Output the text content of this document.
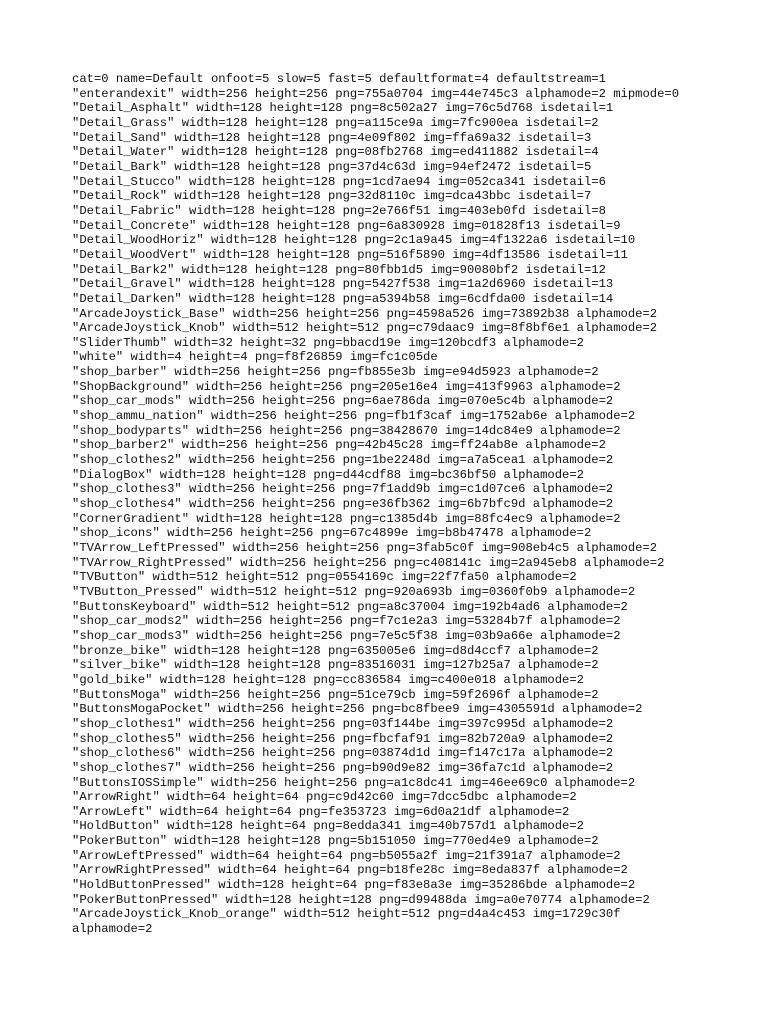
cat=0 name=Default onfoot=5 slow=5 fast=5 defaultformat=4 defaultstream=1
"enterandexit" width=256 height=256 png=755a0704 img=44e745c3 alphamode=2 mipmode=0
"Detail_Asphalt" width=128 height=128 png=8c502a27 img=76c5d768 isdetail=1
"Detail_Grass" width=128 height=128 png=a115ce9a img=7fc900ea isdetail=2
"Detail_Sand" width=128 height=128 png=4e09f802 img=ffa69a32 isdetail=3
"Detail_Water" width=128 height=128 png=08fb2768 img=ed411882 isdetail=4
"Detail_Bark" width=128 height=128 png=37d4c63d img=94ef2472 isdetail=5
"Detail_Stucco" width=128 height=128 png=1cd7ae94 img=052ca341 isdetail=6
"Detail_Rock" width=128 height=128 png=32d8110c img=dca43bbc isdetail=7
"Detail_Fabric" width=128 height=128 png=2e766f51 img=403eb0fd isdetail=8
"Detail_Concrete" width=128 height=128 png=6a830928 img=01828f13 isdetail=9
"Detail_WoodHoriz" width=128 height=128 png=2c1a9a45 img=4f1322a6 isdetail=10
"Detail_WoodVert" width=128 height=128 png=516f5890 img=4df13586 isdetail=11
"Detail_Bark2" width=128 height=128 png=80fbb1d5 img=90080bf2 isdetail=12
"Detail_Gravel" width=128 height=128 png=5427f538 img=1a2d6960 isdetail=13
"Detail_Darken" width=128 height=128 png=a5394b58 img=6cdfda00 isdetail=14
"ArcadeJoystick_Base" width=256 height=256 png=4598a526 img=73892b38 alphamode=2
"ArcadeJoystick_Knob" width=512 height=512 png=c79daac9 img=8f8bf6e1 alphamode=2
"SliderThumb" width=32 height=32 png=bbacd19e img=120bcdf3 alphamode=2
"white" width=4 height=4 png=f8f26859 img=fc1c05de
"shop_barber" width=256 height=256 png=fb855e3b img=e94d5923 alphamode=2
"ShopBackground" width=256 height=256 png=205e16e4 img=413f9963 alphamode=2
"shop_car_mods" width=256 height=256 png=6ae786da img=070e5c4b alphamode=2
"shop_ammu_nation" width=256 height=256 png=fb1f3caf img=1752ab6e alphamode=2
"shop_bodyparts" width=256 height=256 png=38428670 img=14dc84e9 alphamode=2
"shop_barber2" width=256 height=256 png=42b45c28 img=ff24ab8e alphamode=2
"shop_clothes2" width=256 height=256 png=1be2248d img=a7a5cea1 alphamode=2
"DialogBox" width=128 height=128 png=d44cdf88 img=bc36bf50 alphamode=2
"shop_clothes3" width=256 height=256 png=7f1add9b img=c1d07ce6 alphamode=2
"shop_clothes4" width=256 height=256 png=e36fb362 img=6b7bfc9d alphamode=2
"CornerGradient" width=128 height=128 png=c1385d4b img=88fc4ec9 alphamode=2
"shop_icons" width=256 height=256 png=67c4899e img=b8b47478 alphamode=2
"TVArrow_LeftPressed" width=256 height=256 png=3fab5c0f img=908eb4c5 alphamode=2
"TVArrow_RightPressed" width=256 height=256 png=c408141c img=2a945eb8 alphamode=2
"TVButton" width=512 height=512 png=0554169c img=22f7fa50 alphamode=2
"TVButton_Pressed" width=512 height=512 png=920a693b img=0360f0b9 alphamode=2
"ButtonsKeyboard" width=512 height=512 png=a8c37004 img=192b4ad6 alphamode=2
"shop_car_mods2" width=256 height=256 png=f7c1e2a3 img=53284b7f alphamode=2
"shop_car_mods3" width=256 height=256 png=7e5c5f38 img=03b9a66e alphamode=2
"bronze_bike" width=128 height=128 png=635005e6 img=d8d4ccf7 alphamode=2
"silver_bike" width=128 height=128 png=83516031 img=127b25a7 alphamode=2
"gold_bike" width=128 height=128 png=cc836584 img=c400e018 alphamode=2
"ButtonsMoga" width=256 height=256 png=51ce79cb img=59f2696f alphamode=2
"ButtonsMogaPocket" width=256 height=256 png=bc8fbee9 img=4305591d alphamode=2
"shop_clothes1" width=256 height=256 png=03f144be img=397c995d alphamode=2
"shop_clothes5" width=256 height=256 png=fbcfaf91 img=82b720a9 alphamode=2
"shop_clothes6" width=256 height=256 png=03874d1d img=f147c17a alphamode=2
"shop_clothes7" width=256 height=256 png=b90d9e82 img=36fa7c1d alphamode=2
"ButtonsIOSSimple" width=256 height=256 png=a1c8dc41 img=46ee69c0 alphamode=2
"ArrowRight" width=64 height=64 png=c9d42c60 img=7dcc5dbc alphamode=2
"ArrowLeft" width=64 height=64 png=fe353723 img=6d0a21df alphamode=2
"HoldButton" width=128 height=64 png=8edda341 img=40b757d1 alphamode=2
"PokerButton" width=128 height=128 png=5b151050 img=770ed4e9 alphamode=2
"ArrowLeftPressed" width=64 height=64 png=b5055a2f img=21f391a7 alphamode=2
"ArrowRightPressed" width=64 height=64 png=b18fe28c img=8eda837f alphamode=2
"HoldButtonPressed" width=128 height=64 png=f83e8a3e img=35286bde alphamode=2
"PokerButtonPressed" width=128 height=128 png=d99488da img=a0e70774 alphamode=2
"ArcadeJoystick_Knob_orange" width=512 height=512 png=d4a4c453 img=1729c30f
alphamode=2
